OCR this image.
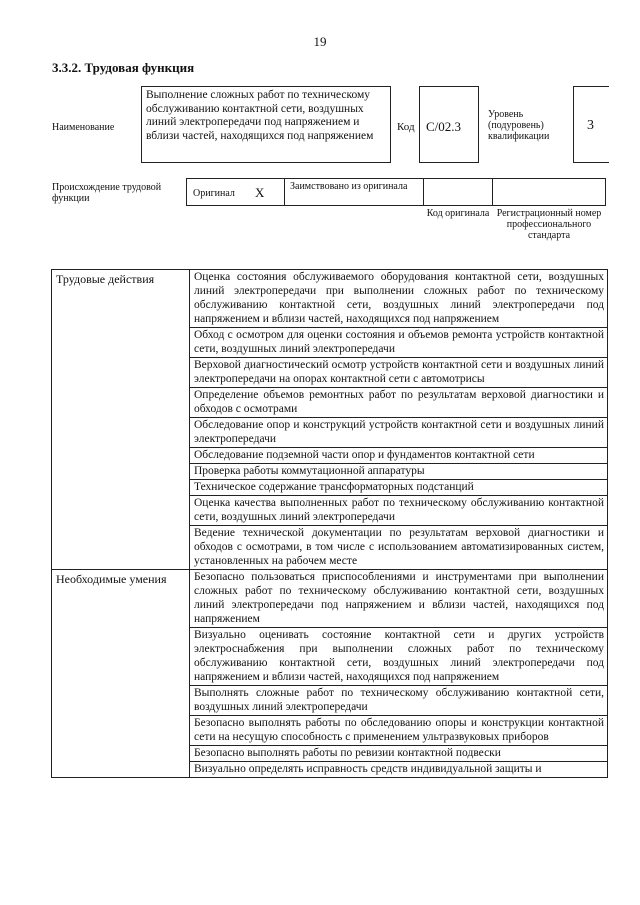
19
3.3.2. Трудовая функция
Наименование
Выполнение сложных работ по техническому обслуживанию контактной сети, воздушных линий электропередачи под напряжением и вблизи частей, находящихся под напряжением
Код С/02.3
Уровень (подуровень) квалификации
3
Происхождение трудовой функции	Оригинал X	Заимствовано из оригинала
Код оригинала Регистрационный номер профессионального стандарта
Трудовые действия	Оценка состояния обслуживаемого оборудования контактной сети, воздушных линий электропередачи при выполнении сложных работ по техническому обслуживанию контактной сети, воздушных линий электропередачи под напряжением и вблизи частей, находящихся под напряжением
	Обход с осмотром для оценки состояния и объемов ремонта устройств контактной сети, воздушных линий электропередачи
	Верховой диагностический осмотр устройств контактной сети и воздушных линий электропередачи на опорах контактной сети с автомотрисы
	Определение объемов ремонтных работ по результатам верховой диагностики и обходов с осмотрами
	Обследование опор и конструкций устройств контактной сети и воздушных линий электропередачи
	Обследование подземной части опор и фундаментов контактной сети
	Проверка работы коммутационной аппаратуры
	Техническое содержание трансформаторных подстанций
	Оценка качества выполненных работ по техническому обслуживанию контактной сети, воздушных линий электропередачи
	Ведение технической документации по результатам верховой диагностики и обходов с осмотрами, в том числе с использованием автоматизированных систем, установленных на рабочем месте
Необходимые умения	Безопасно пользоваться приспособлениями и инструментами при выполнении сложных работ по техническому обслуживанию контактной сети, воздушных линий электропередачи под напряжением и вблизи частей, находящихся под напряжением
	Визуально оценивать состояние контактной сети и других устройств электроснабжения при выполнении сложных работ по техническому обслуживанию контактной сети, воздушных линий электропередачи под напряжением и вблизи частей, находящихся под напряжением
	Выполнять сложные работ по техническому обслуживанию контактной сети, воздушных линий электропередачи
	Безопасно выполнять работы по обследованию опоры и конструкции контактной сети на несущую способность с применением ультразвуковых приборов
	Безопасно выполнять работы по ревизии контактной подвески
	Визуально определять исправность средств индивидуальной защиты и
